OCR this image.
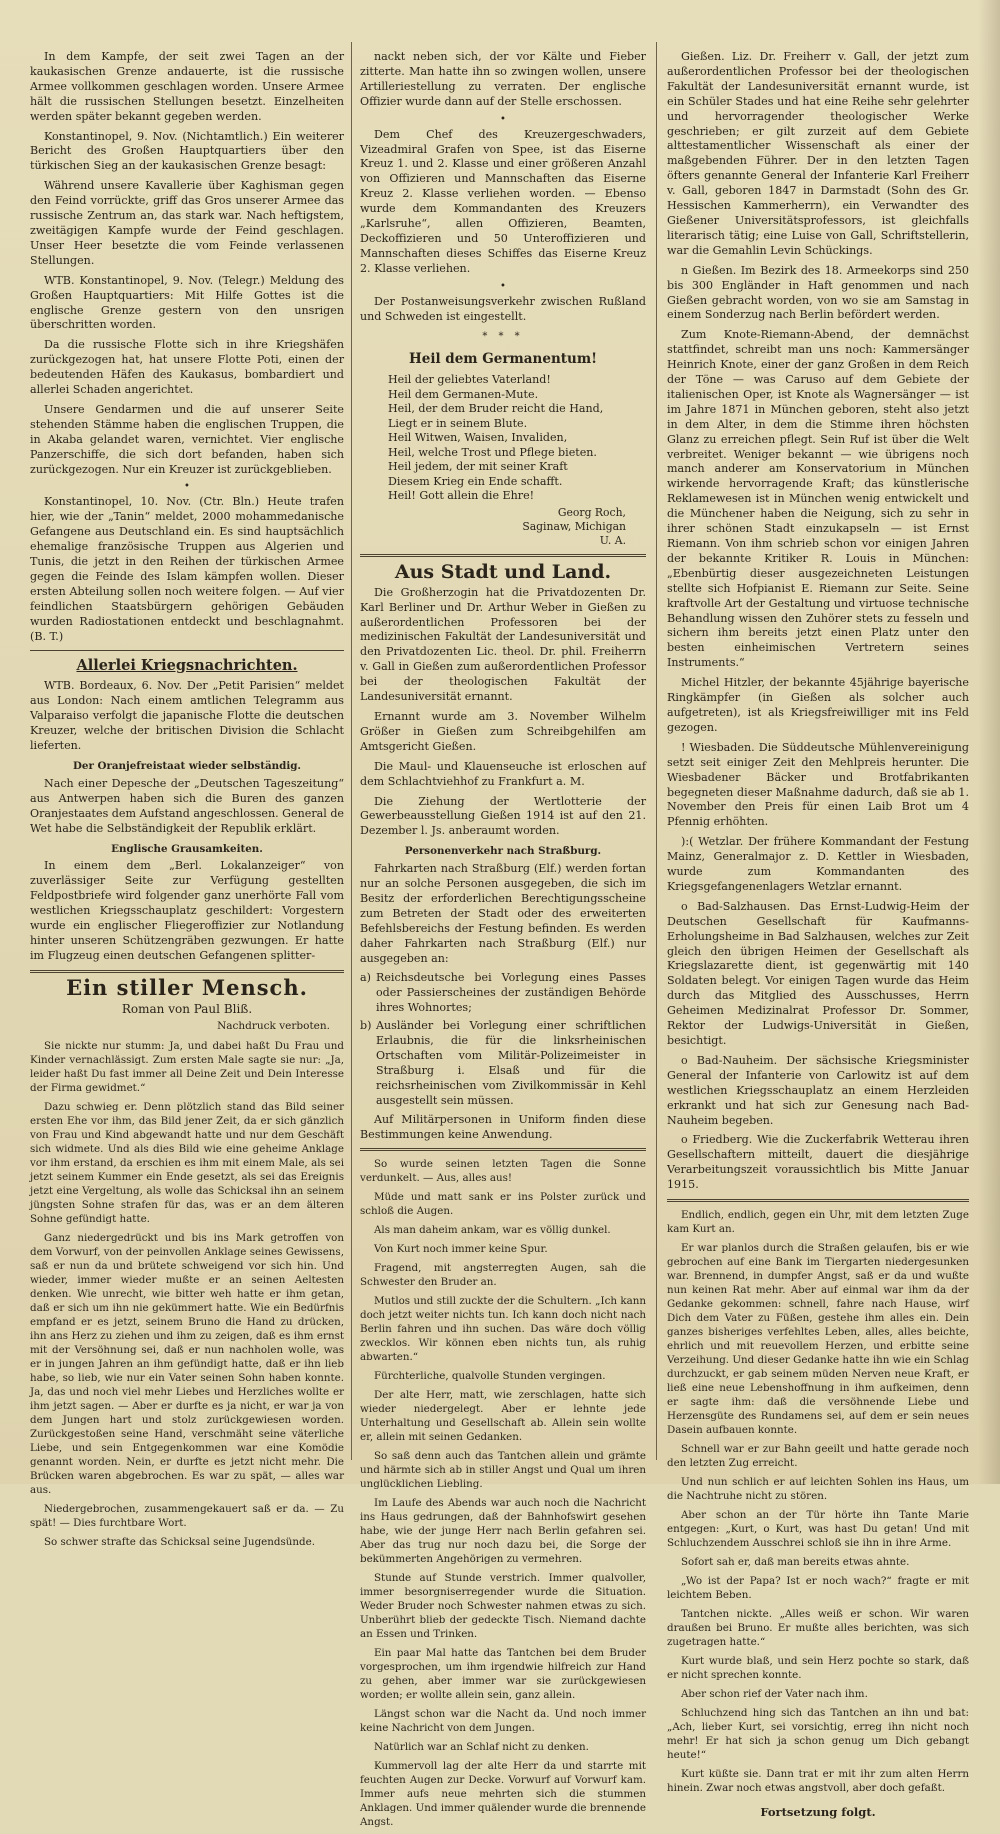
In dem Kampfe, der seit zwei Tagen an der kaukasischen Grenze andauerte, ist die russische Armee vollkommen geschlagen worden. Unsere Armee hält die russischen Stellungen besetzt. Einzelheiten werden später bekannt gegeben werden.

Konstantinopel, 9. Nov. (Nichtamtlich.) Ein weiterer Bericht des Großen Hauptquartiers über den türkischen Sieg an der kaukasischen Grenze besagt:

Während unsere Kavallerie über Kaghisman gegen den Feind vorrückte, griff das Gros unserer Armee das russische Zentrum an, das stark war. Nach heftigstem, zweitägigen Kampfe wurde der Feind geschlagen. Unser Heer besetzte die vom Feinde verlassenen Stellungen.

WTB. Konstantinopel, 9. Nov. (Telegr.) Meldung des Großen Hauptquartiers: Mit Hilfe Gottes ist die englische Grenze gestern von den unsrigen überschritten worden.

Da die russische Flotte sich in ihre Kriegshäfen zurückgezogen hat, hat unsere Flotte Poti, einen der bedeutenden Häfen des Kaukasus, bombardiert und allerlei Schaden angerichtet.

Unsere Gendarmen und die auf unserer Seite stehenden Stämme haben die englischen Truppen, die in Akaba gelandet waren, vernichtet. Vier englische Panzerschiffe, die sich dort befanden, haben sich zurückgezogen. Nur ein Kreuzer ist zurückgeblieben.

•

Konstantinopel, 10. Nov. (Ctr. Bln.) Heute trafen hier, wie der „Tanin“ meldet, 2000 mohammedanische Gefangene aus Deutschland ein. Es sind hauptsächlich ehemalige französische Truppen aus Algerien und Tunis, die jetzt in den Reihen der türkischen Armee gegen die Feinde des Islam kämpfen wollen. Dieser ersten Abteilung sollen noch weitere folgen. — Auf vier feindlichen Staatsbürgern gehörigen Gebäuden wurden Radiostationen entdeckt und beschlagnahmt. (B. T.)

Allerlei Kriegsnachrichten.

WTB. Bordeaux, 6. Nov. Der „Petit Parisien“ meldet aus London: Nach einem amtlichen Telegramm aus Valparaiso verfolgt die japanische Flotte die deutschen Kreuzer, welche der britischen Division die Schlacht lieferten.

Der Oranjefreistaat wieder selbständig.

Nach einer Depesche der „Deutschen Tageszeitung“ aus Antwerpen haben sich die Buren des ganzen Oranjestaates dem Aufstand angeschlossen. General de Wet habe die Selbständigkeit der Republik erklärt.

Englische Grausamkeiten.

In einem dem „Berl. Lokalanzeiger“ von zuverlässiger Seite zur Verfügung gestellten Feldpostbriefe wird folgender ganz unerhörte Fall vom westlichen Kriegsschauplatz geschildert: Vorgestern wurde ein englischer Fliegeroffizier zur Notlandung hinter unseren Schützengräben gezwungen. Er hatte im Flugzeug einen deutschen Gefangenen splitter-

Ein stiller Mensch.
Roman von Paul Bliß.
Nachdruck verboten.

Sie nickte nur stumm: Ja, und dabei haßt Du Frau und Kinder vernachlässigt. Zum ersten Male sagte sie nur: „Ja, leider haßt Du fast immer all Deine Zeit und Dein Interesse der Firma gewidmet.“

Dazu schwieg er. Denn plötzlich stand das Bild seiner ersten Ehe vor ihm, das Bild jener Zeit, da er sich gänzlich von Frau und Kind abgewandt hatte und nur dem Geschäft sich widmete. Und als dies Bild wie eine geheime Anklage vor ihm erstand, da erschien es ihm mit einem Male, als sei jetzt seinem Kummer ein Ende gesetzt, als sei das Ereignis jetzt eine Vergeltung, als wolle das Schicksal ihn an seinem jüngsten Sohne strafen für das, was er an dem älteren Sohne gefündigt hatte.

Ganz niedergedrückt und bis ins Mark getroffen von dem Vorwurf, von der peinvollen Anklage seines Gewissens, saß er nun da und brütete schweigend vor sich hin. Und wieder, immer wieder mußte er an seinen Aeltesten denken. Wie unrecht, wie bitter weh hatte er ihm getan, daß er sich um ihn nie gekümmert hatte. Wie ein Bedürfnis empfand er es jetzt, seinem Bruno die Hand zu drücken, ihn ans Herz zu ziehen und ihm zu zeigen, daß es ihm ernst mit der Versöhnung sei, daß er nun nachholen wolle, was er in jungen Jahren an ihm gefündigt hatte, daß er ihn lieb habe, so lieb, wie nur ein Vater seinen Sohn haben konnte. Ja, das und noch viel mehr Liebes und Herzliches wollte er ihm jetzt sagen. — Aber er durfte es ja nicht, er war ja von dem Jungen hart und stolz zurückgewiesen worden. Zurückgestoßen seine Hand, verschmäht seine väterliche Liebe, und sein Entgegenkommen war eine Komödie genannt worden. Nein, er durfte es jetzt nicht mehr. Die Brücken waren abgebrochen. Es war zu spät, — alles war aus.

Niedergebrochen, zusammengekauert saß er da. — Zu spät! — Dies furchtbare Wort.

So schwer strafte das Schicksal seine Jugendsünde.

nackt neben sich, der vor Kälte und Fieber zitterte. Man hatte ihn so zwingen wollen, unsere Artilleriestellung zu verraten. Der englische Offizier wurde dann auf der Stelle erschossen.

•

Dem Chef des Kreuzergeschwaders, Vizeadmiral Grafen von Spee, ist das Eiserne Kreuz 1. und 2. Klasse und einer größeren Anzahl von Offizieren und Mannschaften das Eiserne Kreuz 2. Klasse verliehen worden. — Ebenso wurde dem Kommandanten des Kreuzers „Karlsruhe“, allen Offizieren, Beamten, Deckoffizieren und 50 Unteroffizieren und Mannschaften dieses Schiffes das Eiserne Kreuz 2. Klasse verliehen.

•

Der Postanweisungsverkehr zwischen Rußland und Schweden ist eingestellt.

* * *
Heil dem Germanentum!
Heil der geliebtes Vaterland!
Heil dem Germanen-Mute.
Heil, der dem Bruder reicht die Hand,
Liegt er in seinem Blute.
Heil Witwen, Waisen, Invaliden,
Heil, welche Trost und Pflege bieten.
Heil jedem, der mit seiner Kraft
Diesem Krieg ein Ende schafft.
Heil! Gott allein die Ehre!
Georg Roch,
Saginaw, Michigan
U. A.
Aus Stadt und Land.

Die Großherzogin hat die Privatdozenten Dr. Karl Berliner und Dr. Arthur Weber in Gießen zu außerordentlichen Professoren bei der medizinischen Fakultät der Landesuniversität und den Privatdozenten Lic. theol. Dr. phil. Freiherrn v. Gall in Gießen zum außerordentlichen Professor bei der theologischen Fakultät der Landesuniversität ernannt.

Ernannt wurde am 3. November Wilhelm Größer in Gießen zum Schreibgehilfen am Amtsgericht Gießen.

Die Maul- und Klauenseuche ist erloschen auf dem Schlachtviehhof zu Frankfurt a. M.

Die Ziehung der Wertlotterie der Gewerbeausstellung Gießen 1914 ist auf den 21. Dezember l. Js. anberaumt worden.

Personenverkehr nach Straßburg.

Fahrkarten nach Straßburg (Elf.) werden fortan nur an solche Personen ausgegeben, die sich im Besitz der erforderlichen Berechtigungsscheine zum Betreten der Stadt oder des erweiterten Befehlsbereichs der Festung befinden. Es werden daher Fahrkarten nach Straßburg (Elf.) nur ausgegeben an:

a) Reichsdeutsche bei Vorlegung eines Passes oder Passierscheines der zuständigen Behörde ihres Wohnortes;
b) Ausländer bei Vorlegung einer schriftlichen Erlaubnis, die für die linksrheinischen Ortschaften vom Militär-Polizeimeister in Straßburg i. Elsaß und für die reichsrheinischen vom Zivilkommissär in Kehl ausgestellt sein müssen.

Auf Militärpersonen in Uniform finden diese Bestimmungen keine Anwendung.

So wurde seinen letzten Tagen die Sonne verdunkelt. — Aus, alles aus!

Müde und matt sank er ins Polster zurück und schloß die Augen.

Als man daheim ankam, war es völlig dunkel.

Von Kurt noch immer keine Spur.

Fragend, mit angsterregten Augen, sah die Schwester den Bruder an.

Mutlos und still zuckte der die Schultern. „Ich kann doch jetzt weiter nichts tun. Ich kann doch nicht nach Berlin fahren und ihn suchen. Das wäre doch völlig zwecklos. Wir können eben nichts tun, als ruhig abwarten.“

Fürchterliche, qualvolle Stunden vergingen.

Der alte Herr, matt, wie zerschlagen, hatte sich wieder niedergelegt. Aber er lehnte jede Unterhaltung und Gesellschaft ab. Allein sein wollte er, allein mit seinen Gedanken.

So saß denn auch das Tantchen allein und grämte und härmte sich ab in stiller Angst und Qual um ihren unglücklichen Liebling.

Im Laufe des Abends war auch noch die Nachricht ins Haus gedrungen, daß der Bahnhofswirt gesehen habe, wie der junge Herr nach Berlin gefahren sei. Aber das trug nur noch dazu bei, die Sorge der bekümmerten Angehörigen zu vermehren.

Stunde auf Stunde verstrich. Immer qualvoller, immer besorgniserregender wurde die Situation. Weder Bruder noch Schwester nahmen etwas zu sich. Unberührt blieb der gedeckte Tisch. Niemand dachte an Essen und Trinken.

Ein paar Mal hatte das Tantchen bei dem Bruder vorgesprochen, um ihm irgendwie hilfreich zur Hand zu gehen, aber immer war sie zurückgewiesen worden; er wollte allein sein, ganz allein.

Längst schon war die Nacht da. Und noch immer keine Nachricht von dem Jungen.

Natürlich war an Schlaf nicht zu denken.

Kummervoll lag der alte Herr da und starrte mit feuchten Augen zur Decke. Vorwurf auf Vorwurf kam. Immer aufs neue mehrten sich die stummen Anklagen. Und immer quälender wurde die brennende Angst.

Gießen. Liz. Dr. Freiherr v. Gall, der jetzt zum außerordentlichen Professor bei der theologischen Fakultät der Landesuniversität ernannt wurde, ist ein Schüler Stades und hat eine Reihe sehr gelehrter und hervorragender theologischer Werke geschrieben; er gilt zurzeit auf dem Gebiete alttestamentlicher Wissenschaft als einer der maßgebenden Führer. Der in den letzten Tagen öfters genannte General der Infanterie Karl Freiherr v. Gall, geboren 1847 in Darmstadt (Sohn des Gr. Hessischen Kammerherrn), ein Verwandter des Gießener Universitätsprofessors, ist gleichfalls literarisch tätig; eine Luise von Gall, Schriftstellerin, war die Gemahlin Levin Schückings.

n Gießen. Im Bezirk des 18. Armeekorps sind 250 bis 300 Engländer in Haft genommen und nach Gießen gebracht worden, von wo sie am Samstag in einem Sonderzug nach Berlin befördert werden.

Zum Knote-Riemann-Abend, der demnächst stattfindet, schreibt man uns noch: Kammersänger Heinrich Knote, einer der ganz Großen in dem Reich der Töne — was Caruso auf dem Gebiete der italienischen Oper, ist Knote als Wagnersänger — ist im Jahre 1871 in München geboren, steht also jetzt in dem Alter, in dem die Stimme ihren höchsten Glanz zu erreichen pflegt. Sein Ruf ist über die Welt verbreitet. Weniger bekannt — wie übrigens noch manch anderer am Konservatorium in München wirkende hervorragende Kraft; das künstlerische Reklamewesen ist in München wenig entwickelt und die Münchener haben die Neigung, sich zu sehr in ihrer schönen Stadt einzukapseln — ist Ernst Riemann. Von ihm schrieb schon vor einigen Jahren der bekannte Kritiker R. Louis in München: „Ebenbürtig dieser ausgezeichneten Leistungen stellte sich Hofpianist E. Riemann zur Seite. Seine kraftvolle Art der Gestaltung und virtuose technische Behandlung wissen den Zuhörer stets zu fesseln und sichern ihm bereits jetzt einen Platz unter den besten einheimischen Vertretern seines Instruments.“

Michel Hitzler, der bekannte 45jährige bayerische Ringkämpfer (in Gießen als solcher auch aufgetreten), ist als Kriegsfreiwilliger mit ins Feld gezogen.

! Wiesbaden. Die Süddeutsche Mühlenvereinigung setzt seit einiger Zeit den Mehlpreis herunter. Die Wiesbadener Bäcker und Brotfabrikanten begegneten dieser Maßnahme dadurch, daß sie ab 1. November den Preis für einen Laib Brot um 4 Pfennig erhöhten.

):( Wetzlar. Der frühere Kommandant der Festung Mainz, Generalmajor z. D. Kettler in Wiesbaden, wurde zum Kommandanten des Kriegsgefangenenlagers Wetzlar ernannt.

o Bad-Salzhausen. Das Ernst-Ludwig-Heim der Deutschen Gesellschaft für Kaufmanns-Erholungsheime in Bad Salzhausen, welches zur Zeit gleich den übrigen Heimen der Gesellschaft als Kriegslazarette dient, ist gegenwärtig mit 140 Soldaten belegt. Vor einigen Tagen wurde das Heim durch das Mitglied des Ausschusses, Herrn Geheimen Medizinalrat Professor Dr. Sommer, Rektor der Ludwigs-Universität in Gießen, besichtigt.

o Bad-Nauheim. Der sächsische Kriegsminister General der Infanterie von Carlowitz ist auf dem westlichen Kriegsschauplatz an einem Herzleiden erkrankt und hat sich zur Genesung nach Bad-Nauheim begeben.

o Friedberg. Wie die Zuckerfabrik Wetterau ihren Gesellschaftern mitteilt, dauert die diesjährige Verarbeitungszeit voraussichtlich bis Mitte Januar 1915.

Endlich, endlich, gegen ein Uhr, mit dem letzten Zuge kam Kurt an.

Er war planlos durch die Straßen gelaufen, bis er wie gebrochen auf eine Bank im Tiergarten niedergesunken war. Brennend, in dumpfer Angst, saß er da und wußte nun keinen Rat mehr. Aber auf einmal war ihm da der Gedanke gekommen: schnell, fahre nach Hause, wirf Dich dem Vater zu Füßen, gestehe ihm alles ein. Dein ganzes bisheriges verfehltes Leben, alles, alles beichte, ehrlich und mit reuevollem Herzen, und erbitte seine Verzeihung. Und dieser Gedanke hatte ihn wie ein Schlag durchzuckt, er gab seinem müden Nerven neue Kraft, er ließ eine neue Lebenshoffnung in ihm aufkeimen, denn er sagte ihm: daß die versöhnende Liebe und Herzensgüte des Rundamens sei, auf dem er sein neues Dasein aufbauen konnte.

Schnell war er zur Bahn geeilt und hatte gerade noch den letzten Zug erreicht.

Und nun schlich er auf leichten Sohlen ins Haus, um die Nachtruhe nicht zu stören.

Aber schon an der Tür hörte ihn Tante Marie entgegen: „Kurt, o Kurt, was hast Du getan! Und mit Schluchzendem Ausschrei schloß sie ihn in ihre Arme.

Sofort sah er, daß man bereits etwas ahnte.

„Wo ist der Papa? Ist er noch wach?“ fragte er mit leichtem Beben.

Tantchen nickte. „Alles weiß er schon. Wir waren draußen bei Bruno. Er mußte alles berichten, was sich zugetragen hatte.“

Kurt wurde blaß, und sein Herz pochte so stark, daß er nicht sprechen konnte.

Aber schon rief der Vater nach ihm.

Schluchzend hing sich das Tantchen an ihn und bat: „Ach, lieber Kurt, sei vorsichtig, erreg ihn nicht noch mehr! Er hat sich ja schon genug um Dich gebangt heute!“

Kurt küßte sie. Dann trat er mit ihr zum alten Herrn hinein. Zwar noch etwas angstvoll, aber doch gefaßt.

Fortsetzung folgt.
